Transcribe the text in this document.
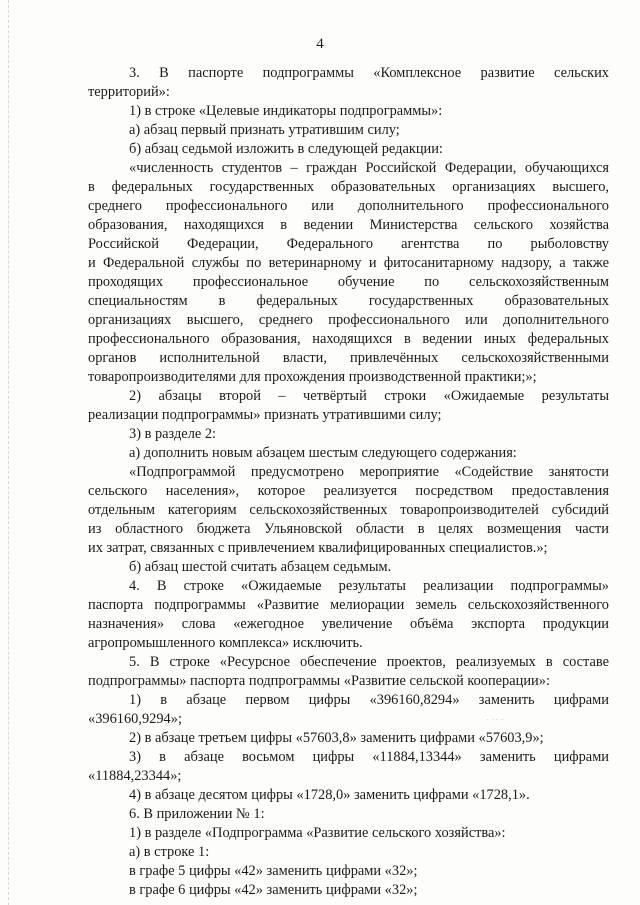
4
3. В паспорте подпрограммы «Комплексное развитие сельских
территорий»:
1) в строке «Целевые индикаторы подпрограммы»:
а) абзац первый признать утратившим силу;
б) абзац седьмой изложить в следующей редакции:
«численность студентов – граждан Российской Федерации, обучающихся
в федеральных государственных образовательных организациях высшего,
среднего профессионального или дополнительного профессионального
образования, находящихся в ведении Министерства сельского хозяйства
Российской Федерации, Федерального агентства по рыболовству
и Федеральной службы по ветеринарному и фитосанитарному надзору, а также
проходящих профессиональное обучение по сельскохозяйственным
специальностям в федеральных государственных образовательных
организациях высшего, среднего профессионального или дополнительного
профессионального образования, находящихся в ведении иных федеральных
органов исполнительной власти, привлечённых сельскохозяйственными
товаропроизводителями для прохождения производственной практики;»;
2) абзацы второй – четвёртый строки «Ожидаемые результаты
реализации подпрограммы» признать утратившими силу;
3) в разделе 2:
а) дополнить новым абзацем шестым следующего содержания:
«Подпрограммой предусмотрено мероприятие «Содействие занятости
сельского населения», которое реализуется посредством предоставления
отдельным категориям сельскохозяйственных товаропроизводителей субсидий
из областного бюджета Ульяновской области в целях возмещения части
их затрат, связанных с привлечением квалифицированных специалистов.»;
б) абзац шестой считать абзацем седьмым.
4. В строке «Ожидаемые результаты реализации подпрограммы»
паспорта подпрограммы «Развитие мелиорации земель сельскохозяйственного
назначения» слова «ежегодное увеличение объёма экспорта продукции
агропромышленного комплекса» исключить.
5. В строке «Ресурсное обеспечение проектов, реализуемых в составе
подпрограммы» паспорта подпрограммы «Развитие сельской кооперации»:
1) в абзаце первом цифры «396160,8294» заменить цифрами
«396160,9294»;
2) в абзаце третьем цифры «57603,8» заменить цифрами «57603,9»;
3) в абзаце восьмом цифры «11884,13344» заменить цифрами
«11884,23344»;
4) в абзаце десятом цифры «1728,0» заменить цифрами «1728,1».
6. В приложении № 1:
1) в разделе «Подпрограмма «Развитие сельского хозяйства»:
а) в строке 1:
в графе 5 цифры «42» заменить цифрами «32»;
в графе 6 цифры «42» заменить цифрами «32»;
· ·· ·
